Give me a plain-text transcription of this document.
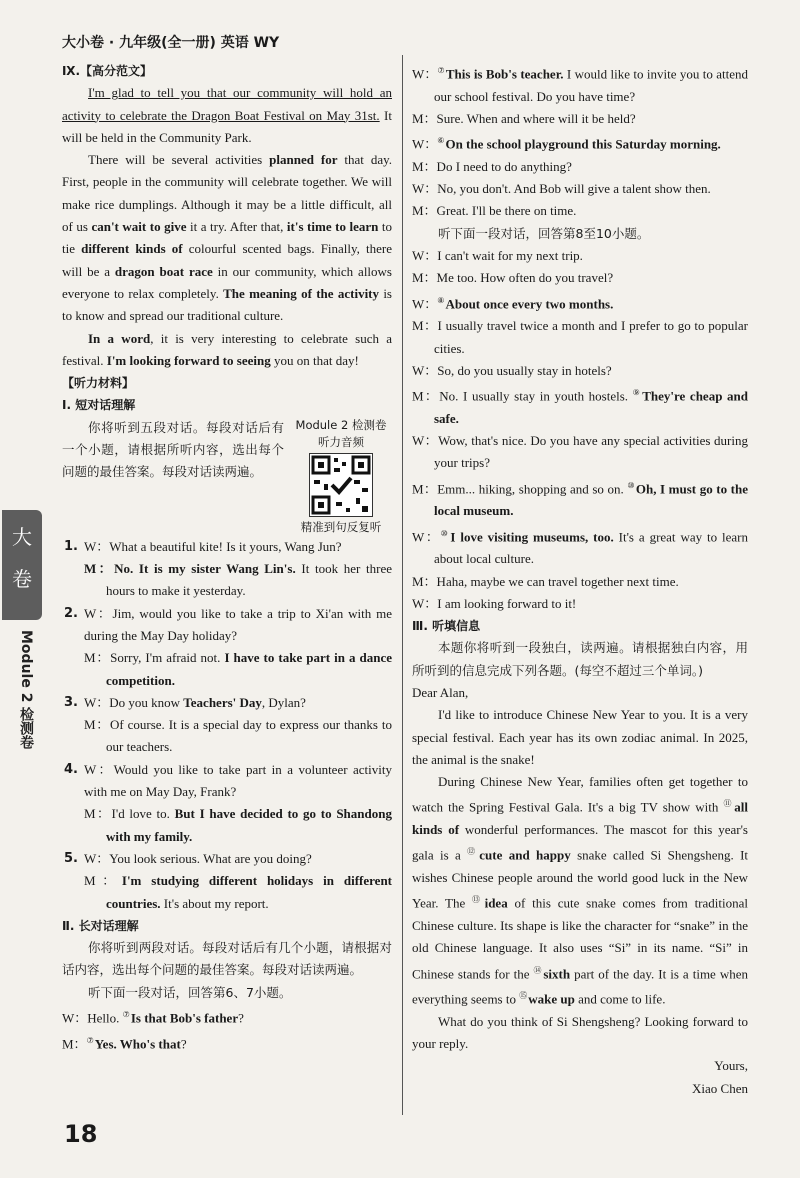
大小卷 · 九年级(全一册) 英语 WY
大
卷
Module 2 检测卷

Ⅸ.【高分范文】

I'm glad to tell you that our community will hold an activity to celebrate the Dragon Boat Festival on May 31st. It will be held in the Community Park.

There will be several activities planned for that day. First, people in the community will celebrate together. We will make rice dumplings. Although it may be a little difficult, all of us can't wait to give it a try. After that, it's time to learn to tie different kinds of colourful scented bags. Finally, there will be a dragon boat race in our community, which allows everyone to relax completely. The meaning of the activity is to know and spread our traditional culture.

In a word, it is very interesting to celebrate such a festival. I'm looking forward to seeing you on that day!

【听力材料】

Ⅰ. 短对话理解

Module 2 检测卷
听力音频
精准到句反复听

你将听到五段对话。每段对话后有一个小题，请根据所听内容，选出每个问题的最佳答案。每段对话读两遍。

1. W：What a beautiful kite! Is it yours, Wang Jun?

M：No. It is my sister Wang Lin's. It took her three hours to make it yesterday.

2. W：Jim, would you like to take a trip to Xi'an with me during the May Day holiday?

M：Sorry, I'm afraid not. I have to take part in a dance competition.

3. W：Do you know Teachers' Day, Dylan?

M：Of course. It is a special day to express our thanks to our teachers.

4. W：Would you like to take part in a volunteer activity with me on May Day, Frank?

M：I'd love to. But I have decided to go to Shandong with my family.

5. W：You look serious. What are you doing?

M：I'm studying different holidays in different countries. It's about my report.

Ⅱ. 长对话理解

你将听到两段对话。每段对话后有几个小题，请根据对话内容，选出每个问题的最佳答案。每段对话读两遍。

听下面一段对话，回答第6、7小题。

W：Hello. ⑦Is that Bob's father?

M：⑦Yes. Who's that?

W：⑦This is Bob's teacher. I would like to invite you to attend our school festival. Do you have time?

M：Sure. When and where will it be held?

W：⑥On the school playground this Saturday morning.

M：Do I need to do anything?

W：No, you don't. And Bob will give a talent show then.

M：Great. I'll be there on time.

听下面一段对话，回答第8至10小题。

W：I can't wait for my next trip.

M：Me too. How often do you travel?

W：⑧About once every two months.

M：I usually travel twice a month and I prefer to go to popular cities.

W：So, do you usually stay in hotels?

M：No. I usually stay in youth hostels. ⑨They're cheap and safe.

W：Wow, that's nice. Do you have any special activities during your trips?

M：Emm... hiking, shopping and so on. ⑩Oh, I must go to the local museum.

W：⑩I love visiting museums, too. It's a great way to learn about local culture.

M：Haha, maybe we can travel together next time.

W：I am looking forward to it!

Ⅲ. 听填信息

本题你将听到一段独白，读两遍。请根据独白内容，用所听到的信息完成下列各题。(每空不超过三个单词。)

Dear Alan,

I'd like to introduce Chinese New Year to you. It is a very special festival. Each year has its own zodiac animal. In 2025, the animal is the snake!

During Chinese New Year, families often get together to watch the Spring Festival Gala. It's a big TV show with ⑪all kinds of wonderful performances. The mascot for this year's gala is a ⑫cute and happy snake called Si Shengsheng. It wishes Chinese people around the world good luck in the New Year. The ⑬idea of this cute snake comes from traditional Chinese culture. Its shape is like the character for “snake” in the old Chinese language. It also uses “Si” in its name. “Si” in Chinese stands for the ⑭sixth part of the day. It is a time when everything seems to ⑮wake up and come to life.

What do you think of Si Shengsheng? Looking forward to your reply.

Yours,

Xiao Chen

18
